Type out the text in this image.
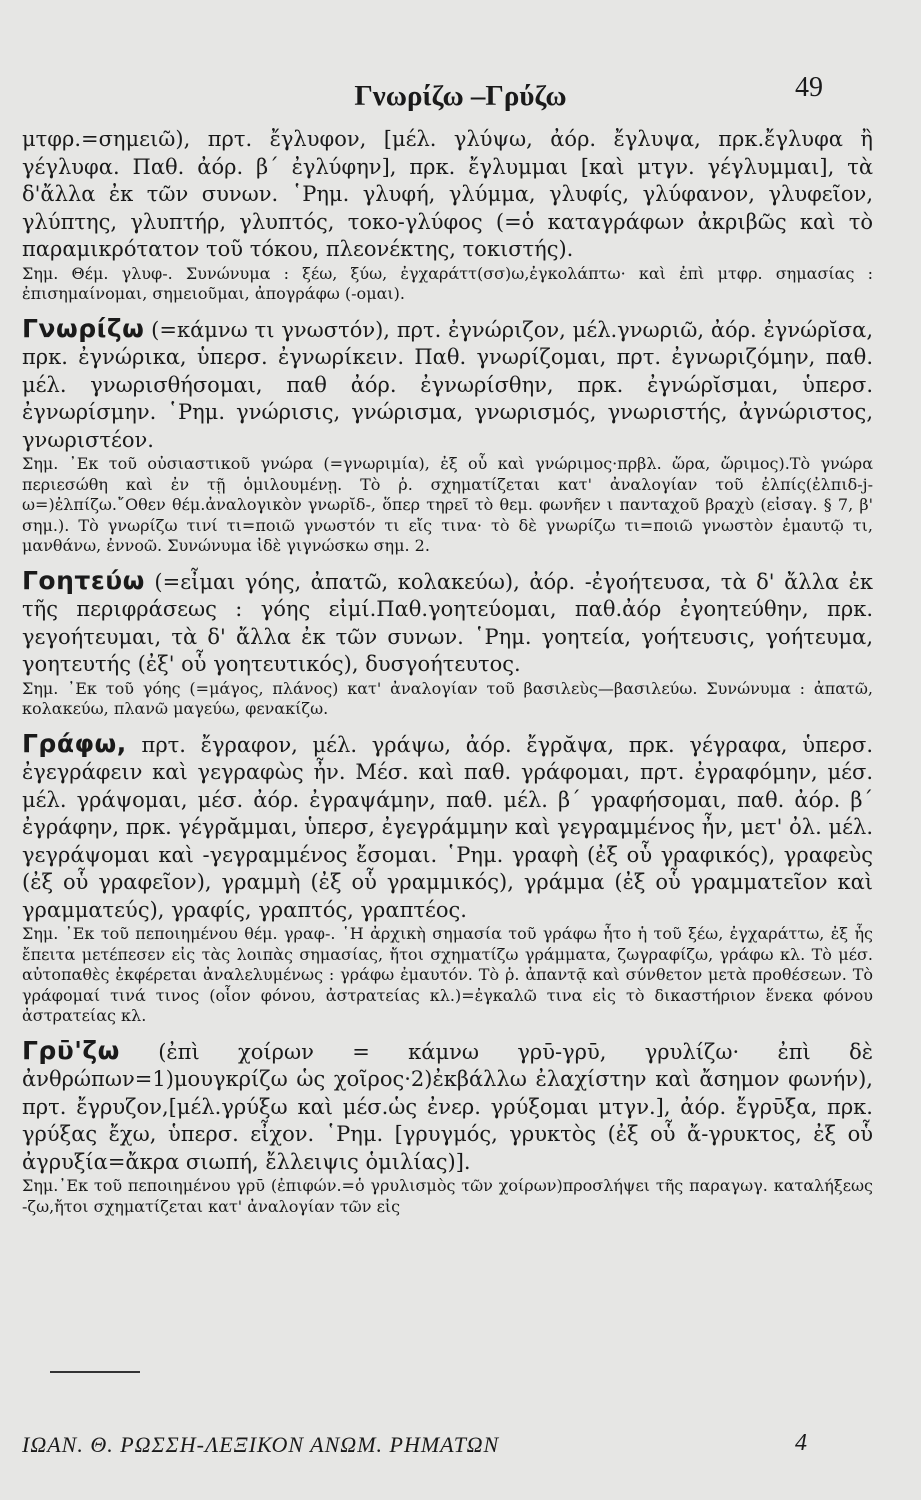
Γνωρίζω –Γρύζω	49

μτφρ.=σημειῶ), πρτ. ἔγλυφον, [μέλ. γλύψω, ἀόρ. ἔγλυψα, πρκ.ἔγλυφα ἢ γέγλυφα. Παθ. ἀόρ. β΄ ἐγλύφην], πρκ. ἔγλυμμαι [καὶ μτγν. γέγλυμμαι], τὰ δ'ἄλλα ἐκ τῶν συνων. ῾Ρημ. γλυφή, γλύμμα, γλυφίς, γλύφανον, γλυφεῖον, γλύπτης, γλυπτήρ, γλυπτός, τοκο-γλύφος (=ὁ καταγράφων ἀκριβῶς καὶ τὸ παραμικρότατον τοῦ τόκου, πλεονέκτης, τοκιστής).

Σημ. Θέμ. γλυφ-. Συνώνυμα : ξέω, ξύω, ἐγχαράττ(σσ)ω,ἐγκολάπτω· καὶ ἐπὶ μτφρ. σημασίας : ἐπισημαίνομαι, σημειοῦμαι, ἀπογράφω (-ομαι).

Γνωρίζω (=κάμνω τι γνωστόν), πρτ. ἐγνώριζον, μέλ.γνωριῶ, ἀόρ. ἐγνώρῐσα, πρκ. ἐγνώρικα, ὑπερσ. ἐγνωρίκειν. Παθ. γνωρίζομαι, πρτ. ἐγνωριζόμην, παθ. μέλ. γνωρισθήσομαι, παθ ἀόρ. ἐγνωρίσθην, πρκ. ἐγνώρῐσμαι, ὑπερσ. ἐγνωρίσμην. ῾Ρημ. γνώρισις, γνώρισμα, γνωρισμός, γνωριστής, ἀγνώριστος, γνωριστέον.

Σημ. ᾿Εκ τοῦ οὐσιαστικοῦ γνώρα (=γνωριμία), ἐξ οὗ καὶ γνώριμος·πρβλ. ὥρα, ὥριμος).Τὸ γνώρα περιεσώθη καὶ ἐν τῇ ὁμιλουμένῃ. Τὸ ῥ. σχηματίζεται κατ' ἀναλογίαν τοῦ ἐλπίς(ἐλπιδ-j-ω=)ἐλπίζω.῎Οθεν θέμ.ἀναλογικὸν γνωρῐδ-, ὅπερ τηρεῖ τὸ θεμ. φωνῆεν ι πανταχοῦ βραχὺ (εἰσαγ. § 7, β' σημ.). Τὸ γνωρίζω τινί τι=ποιῶ γνωστόν τι εἴς τινα· τὸ δὲ γνωρίζω τι=ποιῶ γνωστὸν ἐμαυτῷ τι, μανθάνω, ἐννοῶ. Συνώνυμα ἰδὲ γιγνώσκω σημ. 2.

Γοητεύω (=εἶμαι γόης, ἀπατῶ, κολακεύω), ἀόρ. -ἐγοήτευσα, τὰ δ' ἄλλα ἐκ τῆς περιφράσεως : γόης εἰμί.Παθ.γοητεύομαι, παθ.ἀόρ ἐγοητεύθην, πρκ. γεγοήτευμαι, τὰ δ' ἄλλα ἐκ τῶν συνων. ῾Ρημ. γοητεία, γοήτευσις, γοήτευμα, γοητευτής (ἐξ' οὗ γοητευτικός), δυσγοήτευτος.

Σημ. ᾿Εκ τοῦ γόης (=μάγος, πλάνος) κατ' ἀναλογίαν τοῦ βασιλεὺς—βασιλεύω. Συνώνυμα : ἀπατῶ, κολακεύω, πλανῶ μαγεύω, φενακίζω.

Γράφω, πρτ. ἔγραφον, μέλ. γράψω, ἀόρ. ἔγρᾰψα, πρκ. γέγραφα, ὑπερσ. ἐγεγράφειν καὶ γεγραφὼς ἦν. Μέσ. καὶ παθ. γράφομαι, πρτ. ἐγραφόμην, μέσ. μέλ. γράψομαι, μέσ. ἀόρ. ἐγραψάμην, παθ. μέλ. β΄ γραφήσομαι, παθ. ἀόρ. β΄ ἐγράφην, πρκ. γέγρᾰμμαι, ὑπερσ, ἐγεγράμμην καὶ γεγραμμένος ἦν, μετ' ὀλ. μέλ. γεγράψομαι καὶ -γεγραμμένος ἔσομαι. ῾Ρημ. γραφὴ (ἐξ οὗ γραφικός), γραφεὺς (ἐξ οὗ γραφεῖον), γραμμὴ (ἐξ οὗ γραμμικός), γράμμα (ἐξ οὗ γραμματεῖον καὶ γραμματεύς), γραφίς, γραπτός, γραπτέος.

Σημ. ᾿Εκ τοῦ πεποιημένου θέμ. γραφ-. ῾Η ἀρχικὴ σημασία τοῦ γράφω ἦτο ἡ τοῦ ξέω, ἐγχαράττω, ἐξ ἧς ἔπειτα μετέπεσεν εἰς τὰς λοιπὰς σημασίας, ἤτοι σχηματίζω γράμματα, ζωγραφίζω, γράφω κλ. Τὸ μέσ. αὐτοπαθὲς ἐκφέρεται ἀναλελυμένως : γράφω ἐμαυτόν. Τὸ ῥ. ἀπαντᾷ καὶ σύνθετον μετὰ προθέσεων. Τὸ γράφομαί τινά τινος (οἷον φόνου, ἀστρατείας κλ.)=ἐγκαλῶ τινα εἰς τὸ δικαστήριον ἕνεκα φόνου ἀστρατείας κλ.

Γρῡ'ζω (ἐπὶ χοίρων = κάμνω γρῡ-γρῡ, γρυλίζω· ἐπὶ δὲ ἀνθρώπων=1)μουγκρίζω ὡς χοῖρος·2)ἐκβάλλω ἐλαχίστην καὶ ἄσημον φωνήν), πρτ. ἔγρυζον,[μέλ.γρύξω καὶ μέσ.ὡς ἐνερ. γρύξομαι μτγν.], ἀόρ. ἔγρῡξα, πρκ. γρύξας ἔχω, ὑπερσ. εἶχον. ῾Ρημ. [γρυγμός, γρυκτὸς (ἐξ οὗ ἄ-γρυκτος, ἐξ οὗ ἀγρυξία=ἄκρα σιωπή, ἔλλειψις ὁμιλίας)].

Σημ.᾿Εκ τοῦ πεποιημένου γρῡ (ἐπιφών.=ὁ γρυλισμὸς τῶν χοίρων)προσλήψει τῆς παραγωγ. καταλήξεως -ζω,ἤτοι σχηματίζεται κατ' ἀναλογίαν τῶν εἰς

ΙΩΑΝ. Θ. ΡΩΣΣΗ-ΛΕΞΙΚΟΝ ΑΝΩΜ. ΡΗΜΑΤΩΝ	4
